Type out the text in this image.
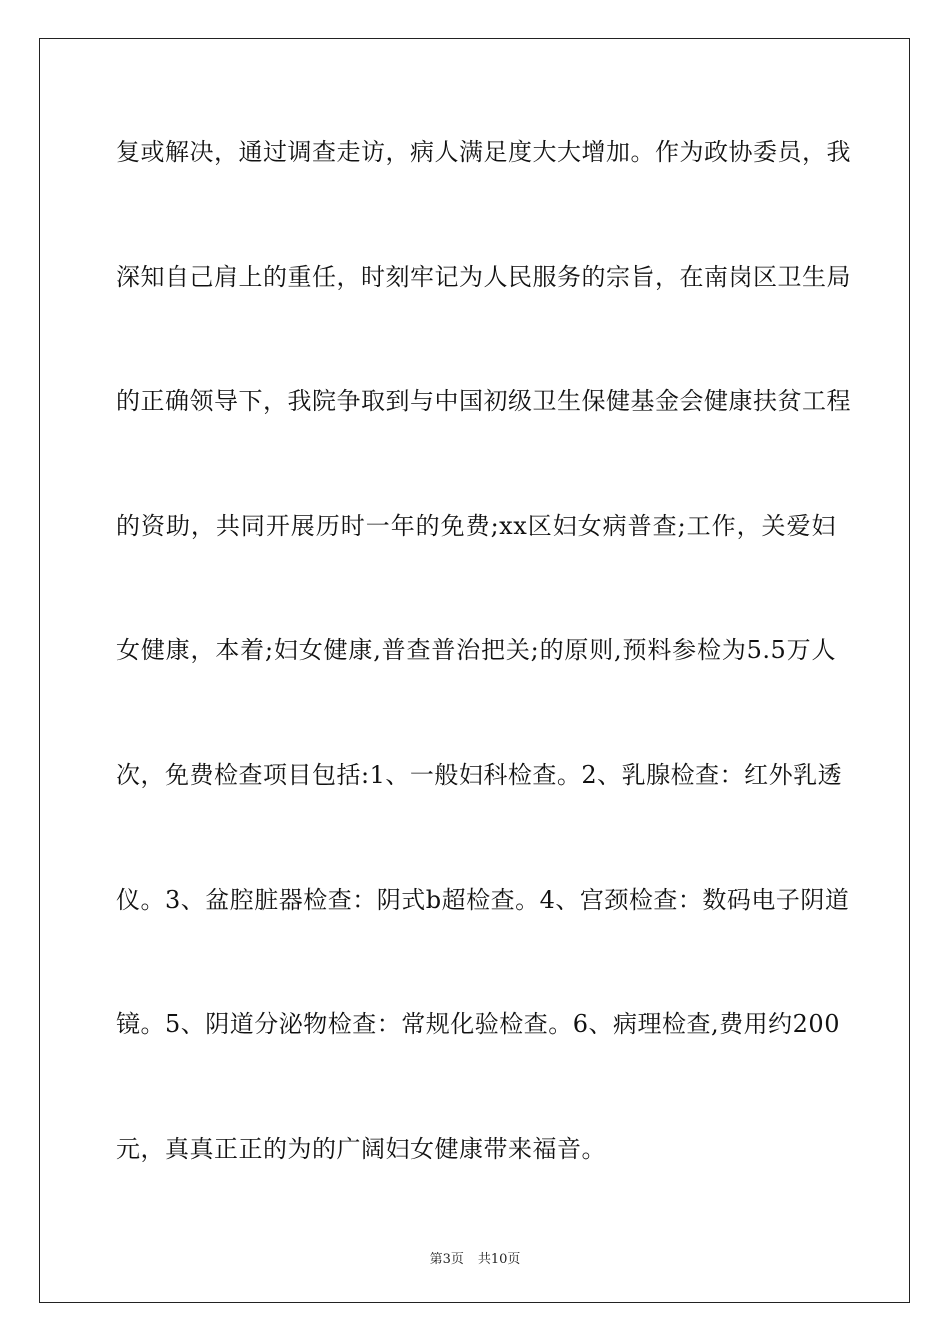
复或解决，通过调查走访，病人满足度大大增加。作为政协委员，我
深知自己肩上的重任，时刻牢记为人民服务的宗旨，在南岗区卫生局
的正确领导下，我院争取到与中国初级卫生保健基金会健康扶贫工程
的资助，共同开展历时一年的免费;xx区妇女病普查;工作，关爱妇
女健康，本着;妇女健康,普查普治把关;的原则,预料参检为5.5万人
次，免费检查项目包括:1、一般妇科检查。2、乳腺检查：红外乳透
仪。3、盆腔脏器检查：阴式b超检查。4、宫颈检查：数码电子阴道
镜。5、阴道分泌物检查：常规化验检查。6、病理检查,费用约200
元，真真正正的为的广阔妇女健康带来福音。
第3页 共10页
